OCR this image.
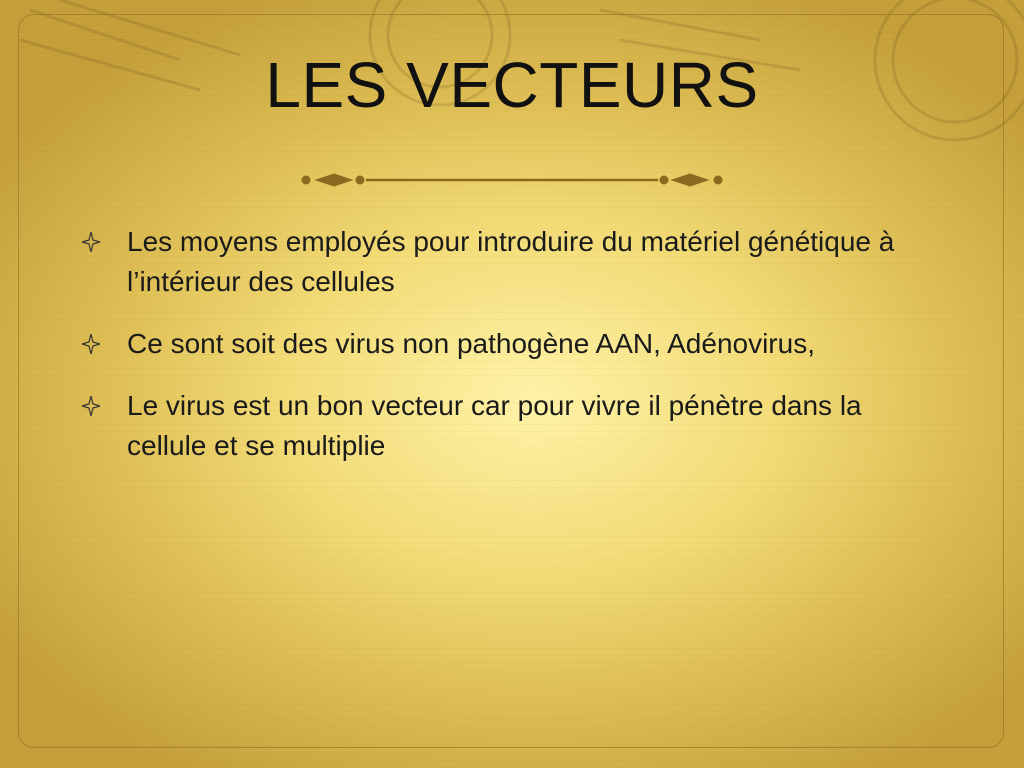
LES VECTEURS
Les moyens employés pour introduire du matériel génétique à l’intérieur des cellules
Ce sont soit des virus non pathogène AAN, Adénovirus,
Le virus est un bon vecteur car pour vivre il pénètre dans la cellule et se multiplie
